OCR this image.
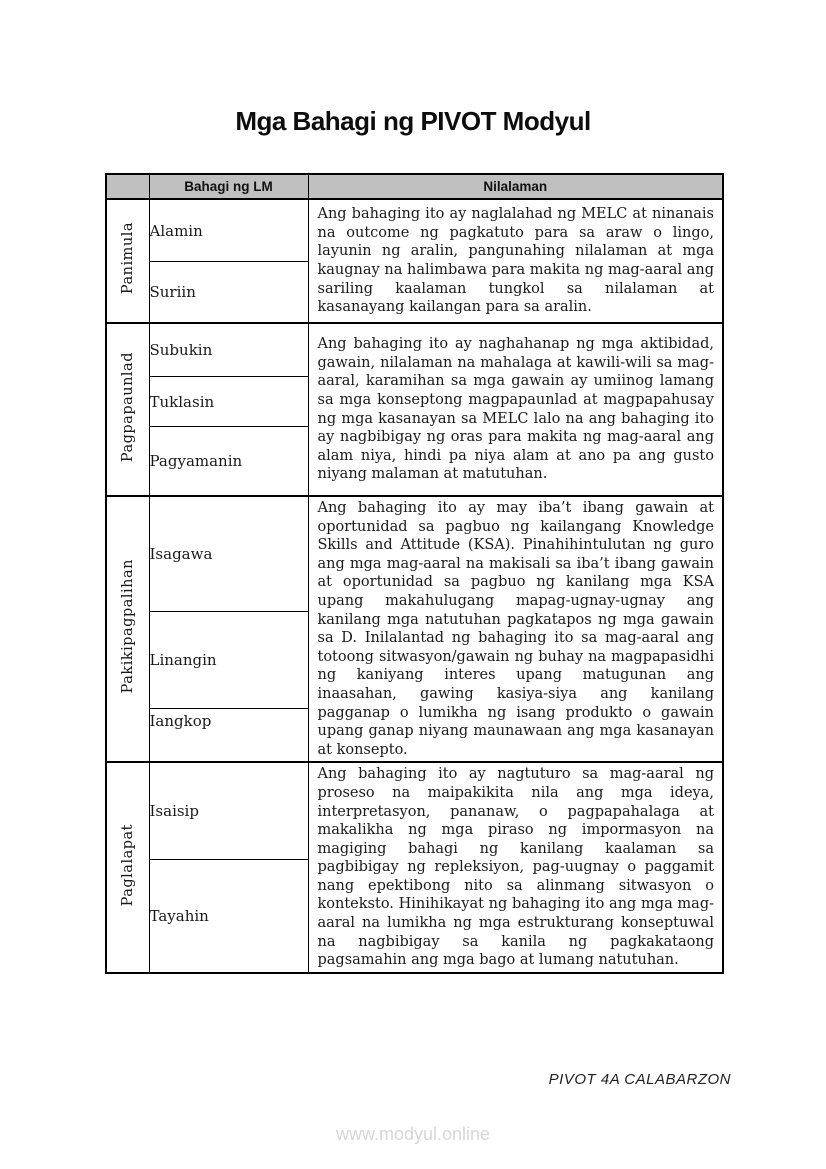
Mga Bahagi ng PIVOT Modyul
	Bahagi ng LM	Nilalaman
Panimula	Alamin	Ang bahaging ito ay naglalahad ng MELC at ninanais na outcome ng pagkatuto para sa araw o lingo, layunin ng aralin, pangunahing nilalaman at mga kaugnay na halimbawa para makita ng mag-aaral ang sariling kaalaman tungkol sa nilalaman at kasanayang kailangan para sa aralin.

	Suriin	
Pagpapaunlad	Subukin	Ang bahaging ito ay naghahanap ng mga aktibidad, gawain, nilalaman na mahalaga at kawili-wili sa mag-aaral, karamihan sa mga gawain ay umiinog lamang sa mga konseptong magpapaunlad at magpapahusay ng mga kasanayan sa MELC lalo na ang bahaging ito ay nagbibigay ng oras para makita ng mag-aaral ang alam niya, hindi pa niya alam at ano pa ang gusto niyang malaman at matutuhan.

	Tuklasin	
	Pagyamanin	
Pakikipagpalihan	Isagawa	Ang bahaging ito ay may iba’t ibang gawain at oportunidad sa pagbuo ng kailangang Knowledge Skills and Attitude (KSA). Pinahihintulutan ng guro ang mga mag-aaral na makisali sa iba’t ibang gawain at oportunidad sa pagbuo ng kanilang mga KSA upang makahulugang mapag-ugnay-ugnay ang kanilang mga natutuhan pagkatapos ng mga gawain sa D. Inilalantad ng bahaging ito sa mag-aaral ang totoong sitwasyon/gawain ng buhay na magpapasidhi ng kaniyang interes upang matugunan ang inaasahan, gawing kasiya-siya ang kanilang pagganap o lumikha ng isang produkto o gawain upang ganap niyang maunawaan ang mga kasanayan at konsepto.

	Linangin	
	Iangkop	
Paglalapat	Isaisip	Ang bahaging ito ay nagtuturo sa mag-aaral ng proseso na maipakikita nila ang mga ideya, interpretasyon, pananaw, o pagpapahalaga at makalikha ng mga piraso ng impormasyon na magiging bahagi ng kanilang kaalaman sa pagbibigay ng repleksiyon, pag-uugnay o paggamit nang epektibong nito sa alinmang sitwasyon o konteksto. Hinihikayat ng bahaging ito ang mga mag-aaral na lumikha ng mga estrukturang konseptuwal na nagbibigay sa kanila ng pagkakataong pagsamahin ang mga bago at lumang natutuhan.

	Tayahin	
PIVOT 4A CALABARZON
www.modyul.online
